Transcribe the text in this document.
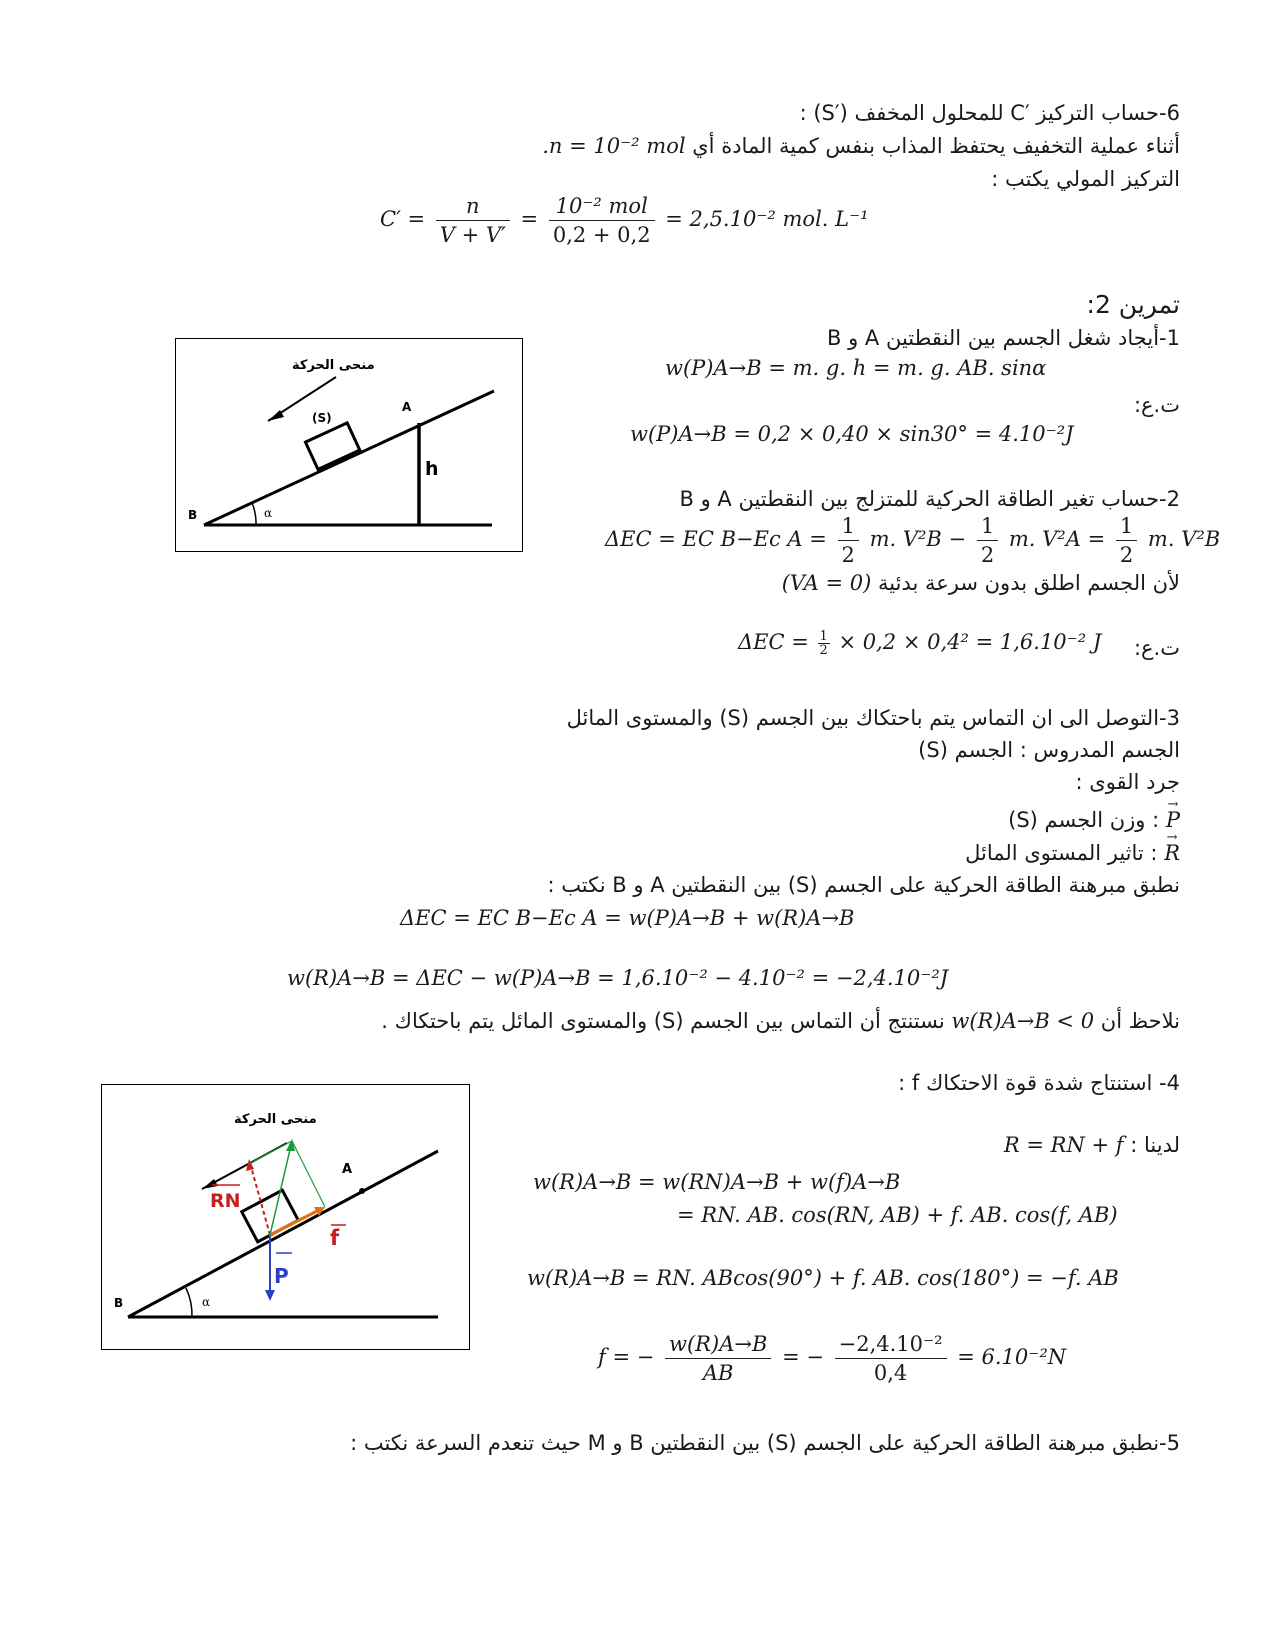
6-حساب التركيز ′C للمحلول المخفف (′S) :
أثناء عملية التخفيف يحتفظ المذاب بنفس كمية المادة أي n = 10⁻² mol.
التركيز المولي يكتب :
$C' = \frac{n}{V + V'} = \frac{\text{10⁻² mol}}{0,2 + 0,2} = 2,5.10^{-2}$ mol. L⁻¹
تمرين 2:
1-أيجاد شغل الجسم بين النقطتين A و B
w(P)A→B = m. g. h = m. g. AB. sinα
ت.ع:
w(P)A→B = 0,2 × 0,40 × sin30° = 4.10⁻²J
2-حساب تغير الطاقة الحركية للمتزلج بين النقطتين A و B
ΔEC = EC B−Ec $A = \frac{1}{2} m$. $V^2B - \frac{1}{2} m$. $V^2A = \frac{1}{2} m$. V²B
لأن الجسم اطلق بدون سرعة بدئية (VA = 0)
ت.ع:
$\Delta EC = \frac{1}{2} \times 0,2 \times 0,4^2 = 1,6.10^{-2}$ J
3-التوصل الى ان التماس يتم باحتكاك بين الجسم (S) والمستوى المائل
الجسم المدروس : الجسم (S)
جرد القوى :
→ P : وزن الجسم (S)
→ R : تاثير المستوى المائل
نطبق مبرهنة الطاقة الحركية على الجسم (S) بين النقطتين A و B نكتب :
ΔEC = EC B−Ec A = w(P)A→B + w(R)A→B
w(R)A→B = ΔEC − w(P)A→B = 1,6.10⁻² − 4.10⁻² = −2,4.10⁻²J
نلاحظ أن w(R)A→B < 0 نستنتج أن التماس بين الجسم (S) والمستوى المائل يتم باحتكاك .
4- استنتاج شدة قوة الاحتكاك f :
لدينا : R = RN + f
w(R)A→B = w(RN)A→B + w(f)A→B
= RN. AB. cos(RN, AB) + f. AB. cos(f, AB)
w(R)A→B = RN. ABcos(90°) + f. AB. cos(180°) = −f. AB
f = − $\frac{w(R)A\to B}{AB}$ = − $\frac{\text{−2,4.10⁻²}}{0,4} = 6.10^{-2}N$
5-نطبق مبرهنة الطاقة الحركية على الجسم (S) بين النقطتين B و M حيث تنعدم السرعة نكتب :
منحى الحركة
(S)
A
B
h
α
منحى الحركة
A
B	α
RN
f
P
